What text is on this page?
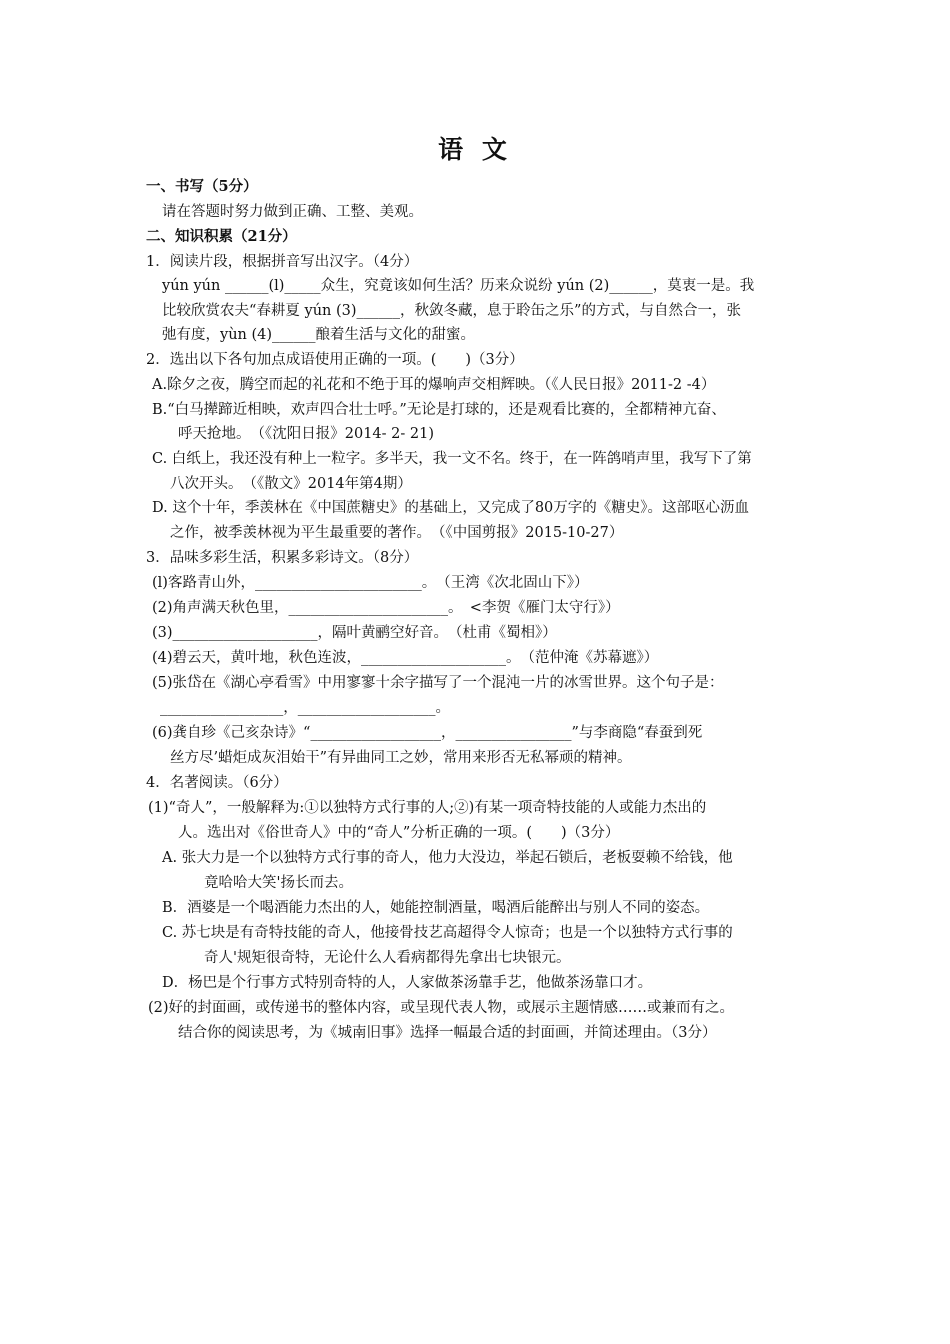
语 文
一、书写（5分）
请在答题时努力做到正确、工整、美观。
二、知识积累（21分）
1．阅读片段，根据拼音写出汉字。（4分）
yún yún ______(l)_____众生，究竟该如何生活？历来众说纷 yún (2)______，莫衷一是。我
比较欣赏农夫“春耕夏 yún (3)______，秋敛冬藏，息于聆缶之乐”的方式，与自然合一，张
弛有度，yùn (4)______酿着生活与文化的甜蜜。
2．选出以下各句加点成语使用正确的一项。(　　)（3分）
A.除夕之夜，腾空而起的礼花和不绝于耳的爆响声交相辉映。（《人民日报》2011-2 -4）
B.“白马撵蹄近相映，欢声四合壮士呼。”无论是打球的，还是观看比赛的，全都精神亢奋、
呼天抢地。　（《沈阳日报》2014- 2- 21)
C. 白纸上，我还没有种上一粒字。多半天，我一文不名。终于，在一阵鸽哨声里，我写下了第
八次开头。　（《散文》2014年第4期）
D. 这个十年，季羡林在《中国蔗糖史》的基础上，又完成了80万字的《糖史》。这部呕心沥血
之作，被季羡林视为平生最重要的著作。　（《中国剪报》2015-10-27）
3．品味多彩生活，积累多彩诗文。（8分）
(l)客路青山外，_______________________。　（王湾《次北固山下》）
(2)角声满天秋色里，______________________。　<李贺《雁门太守行》）
(3)____________________，隔叶黄鹂空好音。　（杜甫《蜀相》）
(4)碧云天，黄叶地，秋色连波，____________________。　（范仲淹《苏幕遮》）
(5)张岱在《湖心亭看雪》中用寥寥十余字描写了一个混沌一片的冰雪世界。这个句子是：
_________________，___________________。
(6)龚自珍《己亥杂诗》“__________________，________________”与李商隐“春蚕到死
丝方尽’蜡炬成灰泪始干”有异曲同工之妙，常用来形否无私幂顽的精神。
4．名著阅读。（6分）
(1)“奇人”，一般解释为:①以独特方式行事的人;②)有某一项奇特技能的人或能力杰出的
人。选出对《俗世奇人》中的“奇人”分析正确的一项。(　　)（3分）
A. 张大力是一个以独特方式行事的奇人，他力大没边，举起石锁后，老板耍赖不给钱，他
竟哈哈大笑'扬长而去。
B．酒婆是一个喝酒能力杰出的人，她能控制酒量，喝酒后能醉出与别人不同的姿态。
C. 苏七块是有奇特技能的奇人，他接骨技艺高超得令人惊奇；也是一个以独特方式行事的
奇人'规矩很奇特，无论什么人看病都得先拿出七块银元。
D．杨巴是个行事方式特别奇特的人，人家做茶汤靠手艺，他做茶汤靠口才。
(2)好的封面画，或传递书的整体内容，或呈现代表人物，或展示主题情感……或兼而有之。
结合你的阅读思考，为《城南旧事》选择一幅最合适的封面画，并简述理由。（3分）
